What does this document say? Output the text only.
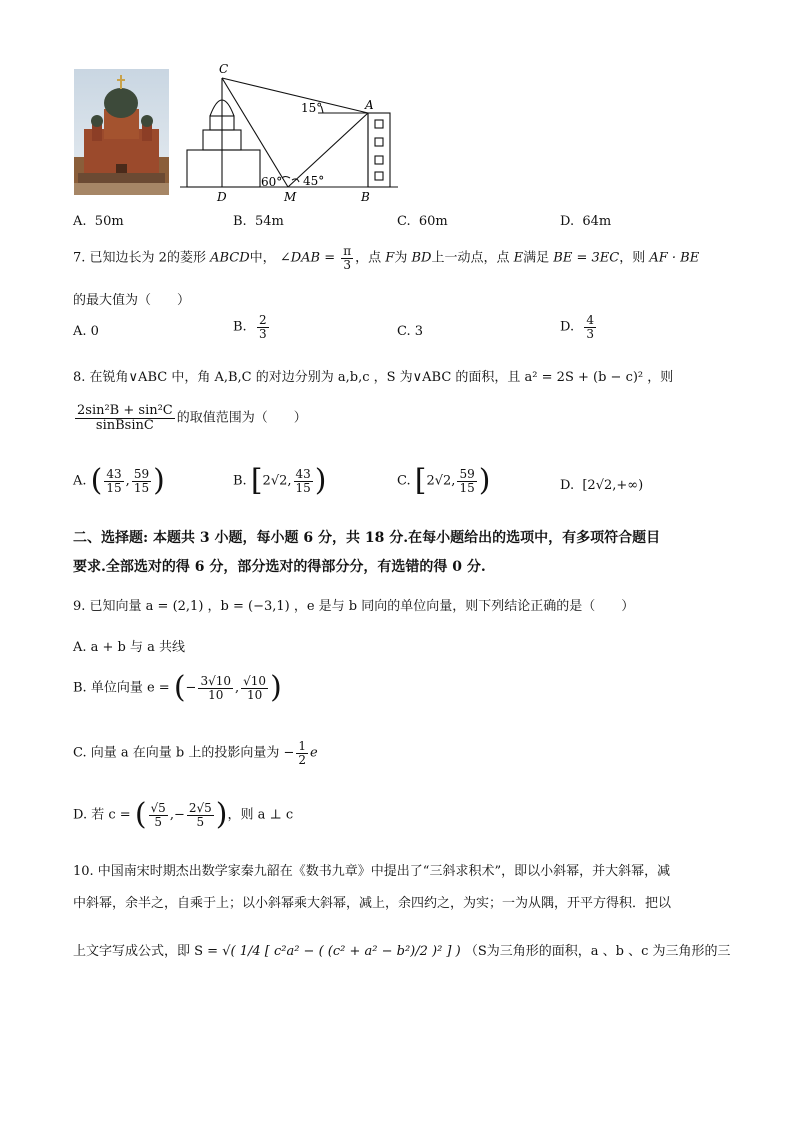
C
A
D	M	B
15°
60° 45°
A. 50m	B. 54m	C. 60m	D. 64m
7. 已知边长为 2的菱形 ABCD中， ∠DAB = $\frac{\pi}{3}$ ，点 F为 BD上一动点，点 E满足 BE = 3EC，则 AF · BE
的最大值为（　　）
A. 0	B. $\frac{2}{3}$	C. 3	D. $\frac{4}{3}$
8. 在锐角∨ABC 中，角 A,B,C 的对边分别为 a,b,c ，S 为∨ABC 的面积，且 a² = 2S + (b − c)² ，则
$\frac{\text{2sin²B + sin²C}}{\text{sinBsinC}}$ 的取值范围为（　　）
A. ( $\frac{43}{15}$ , $\frac{59}{15}$ )	B. [2√2, $\frac{43}{15}$ )	C. [2√2, $\frac{59}{15}$ )	D. [2√2,+∞)
二、选择题: 本题共 3 小题，每小题 6 分，共 18 分.在每小题给出的选项中，有多项符合题目
要求.全部选对的得 6 分，部分选对的得部分分，有选错的得 0 分.
9. 已知向量 a = (2,1) ，b = (−3,1) ，e 是与 b 同向的单位向量，则下列结论正确的是（　　）
A. a + b 与 a 共线
B. 单位向量 e = (− $\frac{3√10}{10}$ , $\frac{√10}{10}$ )
C. 向量 a 在向量 b 上的投影向量为 − $\frac{1}{2}$ e
D. 若 c = ( $\frac{√5}{5}$ ,− $\frac{2√5}{5}$ )，则 a ⊥ c
10. 中国南宋时期杰出数学家秦九韶在《数书九章》中提出了“三斜求积术”，即以小斜幂，并大斜幂，减
中斜幂，余半之，自乘于上；以小斜幂乘大斜幂，减上，余四约之，为实；一为从隅，开平方得积．把以
上文字写成公式，即 S = √( 1/4 [ c²a² − ( (c² + a² − b²)/2 )² ] ) （S为三角形的面积，a 、b 、c 为三角形的三
